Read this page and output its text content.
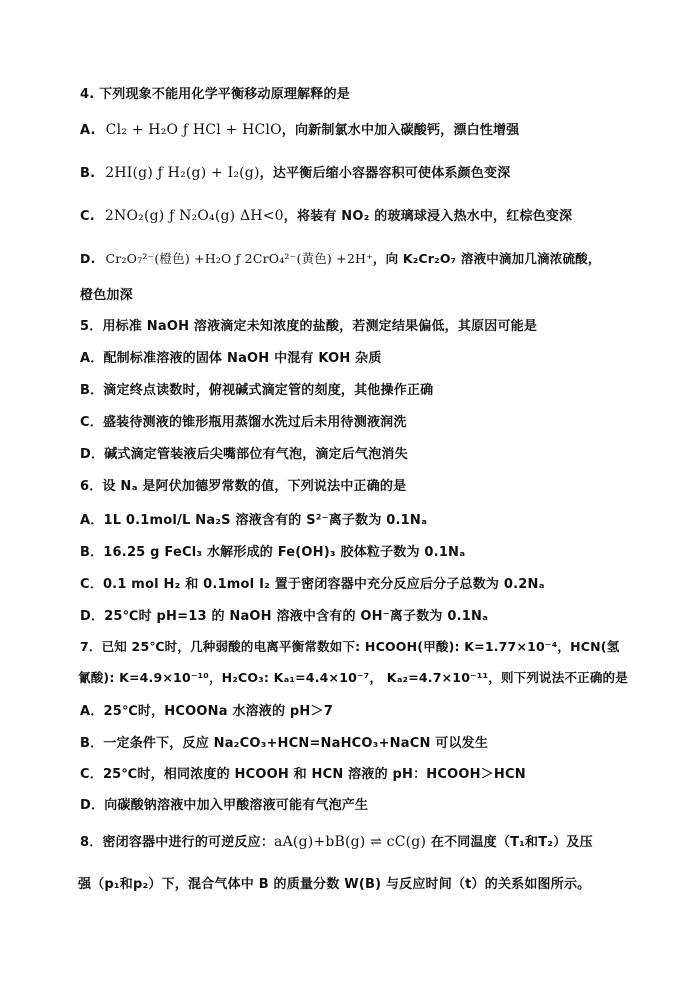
4. 下列现象不能用化学平衡移动原理解释的是
A. Cl₂ + H₂O ƒ HCl + HClO，向新制氯水中加入碳酸钙，漂白性增强
B. 2HI(g) ƒ H₂(g) + I₂(g)，达平衡后缩小容器容积可使体系颜色变深
C. 2NO₂(g) ƒ N₂O₄(g) ΔH<0，将装有 NO₂ 的玻璃球浸入热水中，红棕色变深
D. Cr₂O₇²⁻(橙色) +H₂O ƒ 2CrO₄²⁻(黄色) +2H⁺，向 K₂Cr₂O₇ 溶液中滴加几滴浓硫酸，
橙色加深
5．用标准 NaOH 溶液滴定未知浓度的盐酸，若测定结果偏低，其原因可能是
A．配制标准溶液的固体 NaOH 中混有 KOH 杂质
B．滴定终点读数时，俯视碱式滴定管的刻度，其他操作正确
C．盛装待测液的锥形瓶用蒸馏水洗过后未用待测液润洗
D．碱式滴定管装液后尖嘴部位有气泡，滴定后气泡消失
6．设 Nₐ 是阿伏加德罗常数的值，下列说法中正确的是
A．1L 0.1mol/L Na₂S 溶液含有的 S²⁻离子数为 0.1Nₐ
B．16.25 g FeCl₃ 水解形成的 Fe(OH)₃ 胶体粒子数为 0.1Nₐ
C．0.1 mol H₂ 和 0.1mol I₂ 置于密闭容器中充分反应后分子总数为 0.2Nₐ
D．25℃时 pH=13 的 NaOH 溶液中含有的 OH⁻离子数为 0.1Nₐ
7．已知 25℃时，几种弱酸的电离平衡常数如下: HCOOH(甲酸): K=1.77×10⁻⁴，HCN(氢
氰酸): K=4.9×10⁻¹⁰，H₂CO₃: Kₐ₁=4.4×10⁻⁷， Kₐ₂=4.7×10⁻¹¹，则下列说法不正确的是
A．25℃时，HCOONa 水溶液的 pH＞7
B．一定条件下，反应 Na₂CO₃+HCN=NaHCO₃+NaCN 可以发生
C．25℃时，相同浓度的 HCOOH 和 HCN 溶液的 pH：HCOOH＞HCN
D．向碳酸钠溶液中加入甲酸溶液可能有气泡产生
8．密闭容器中进行的可逆反应：aA(g)+bB(g) ⇌ cC(g) 在不同温度（T₁和T₂）及压
强（p₁和p₂）下，混合气体中 B 的质量分数 W(B) 与反应时间（t）的关系如图所示。
